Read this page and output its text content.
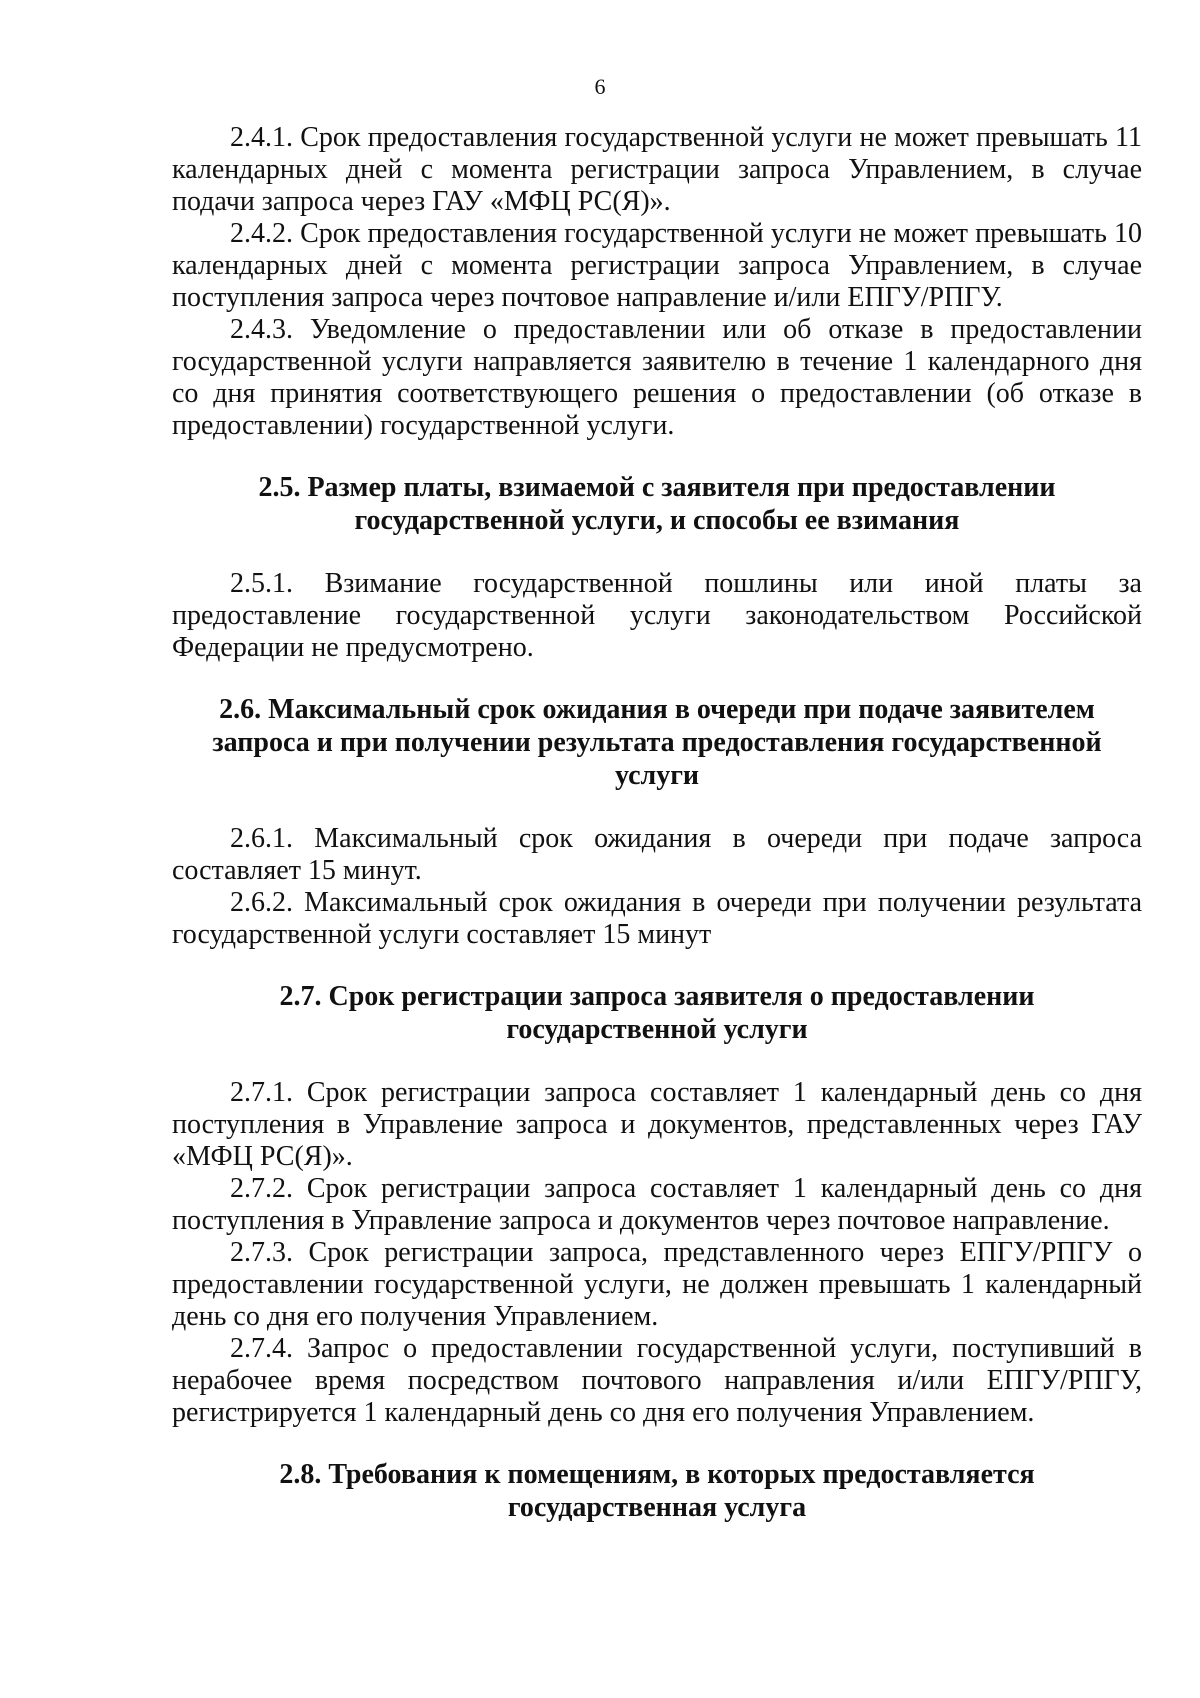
6

2.4.1. Срок предоставления государственной услуги не может превышать 11 календарных дней с момента регистрации запроса Управлением, в случае подачи запроса через ГАУ «МФЦ РС(Я)».

2.4.2. Срок предоставления государственной услуги не может превышать 10 календарных дней с момента регистрации запроса Управлением, в случае поступления запроса через почтовое направление и/или ЕПГУ/РПГУ.

2.4.3. Уведомление о предоставлении или об отказе в предоставлении государственной услуги направляется заявителю в течение 1 календарного дня со дня принятия соответствующего решения о предоставлении (об отказе в предоставлении) государственной услуги.

2.5. Размер платы, взимаемой с заявителя при предоставлении государственной услуги, и способы ее взимания

2.5.1. Взимание государственной пошлины или иной платы за предоставление государственной услуги законодательством Российской Федерации не предусмотрено.

2.6. Максимальный срок ожидания в очереди при подаче заявителем запроса и при получении результата предоставления государственной услуги

2.6.1. Максимальный срок ожидания в очереди при подаче запроса составляет 15 минут.

2.6.2. Максимальный срок ожидания в очереди при получении результата государственной услуги составляет 15 минут

2.7. Срок регистрации запроса заявителя о предоставлении государственной услуги

2.7.1. Срок регистрации запроса составляет 1 календарный день со дня поступления в Управление запроса и документов, представленных через ГАУ «МФЦ РС(Я)».

2.7.2. Срок регистрации запроса составляет 1 календарный день со дня поступления в Управление запроса и документов через почтовое направление.

2.7.3. Срок регистрации запроса, представленного через ЕПГУ/РПГУ о предоставлении государственной услуги, не должен превышать 1 календарный день со дня его получения Управлением.

2.7.4. Запрос о предоставлении государственной услуги, поступивший в нерабочее время посредством почтового направления и/или ЕПГУ/РПГУ, регистрируется 1 календарный день со дня его получения Управлением.

2.8. Требования к помещениям, в которых предоставляется государственная услуга
